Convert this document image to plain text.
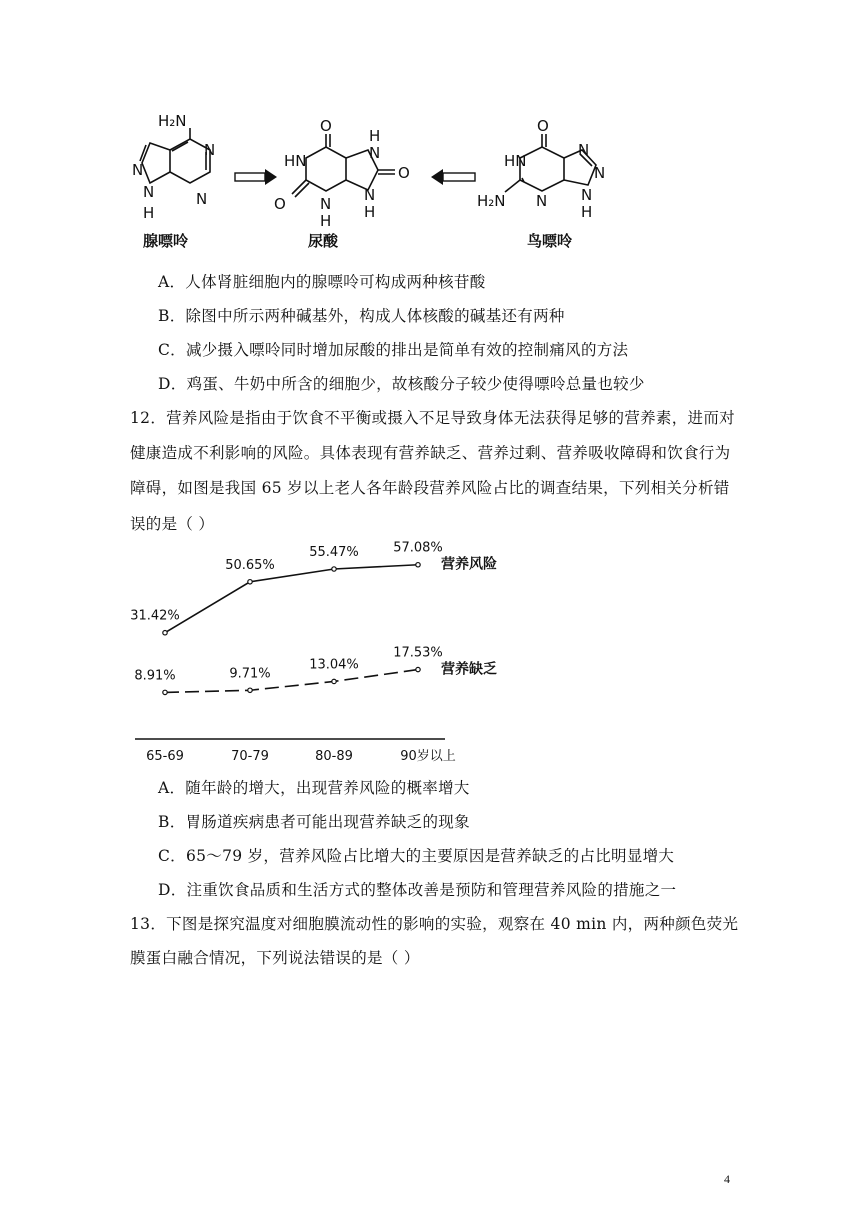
H₂N
N
N
N
N
H
O
HN
H
N
O
O N
H
N
H
O
HN
N
N
H₂N N N
H
腺嘌呤	尿酸	鸟嘌呤
A．人体肾脏细胞内的腺嘌呤可构成两种核苷酸
B．除图中所示两种碱基外，构成人体核酸的碱基还有两种
C．减少摄入嘌呤同时增加尿酸的排出是简单有效的控制痛风的方法
D．鸡蛋、牛奶中所含的细胞少，故核酸分子较少使得嘌呤总量也较少
12．营养风险是指由于饮食不平衡或摄入不足导致身体无法获得足够的营养素，进而对
健康造成不利影响的风险。具体表现有营养缺乏、营养过剩、营养吸收障碍和饮食行为
障碍，如图是我国 65 岁以上老人各年龄段营养风险占比的调查结果，下列相关分析错
误的是（ ）
31.42%
50.65%
55.47%	57.08%
营养风险
8.91%	9.71%
13.04%
17.53%
营养缺乏
65-69	70-79	80-89	90岁以上
A．随年龄的增大，出现营养风险的概率增大
B．胃肠道疾病患者可能出现营养缺乏的现象
C．65～79 岁，营养风险占比增大的主要原因是营养缺乏的占比明显增大
D．注重饮食品质和生活方式的整体改善是预防和管理营养风险的措施之一
13．下图是探究温度对细胞膜流动性的影响的实验，观察在 40 min 内，两种颜色荧光
膜蛋白融合情况，下列说法错误的是（ ）
4
